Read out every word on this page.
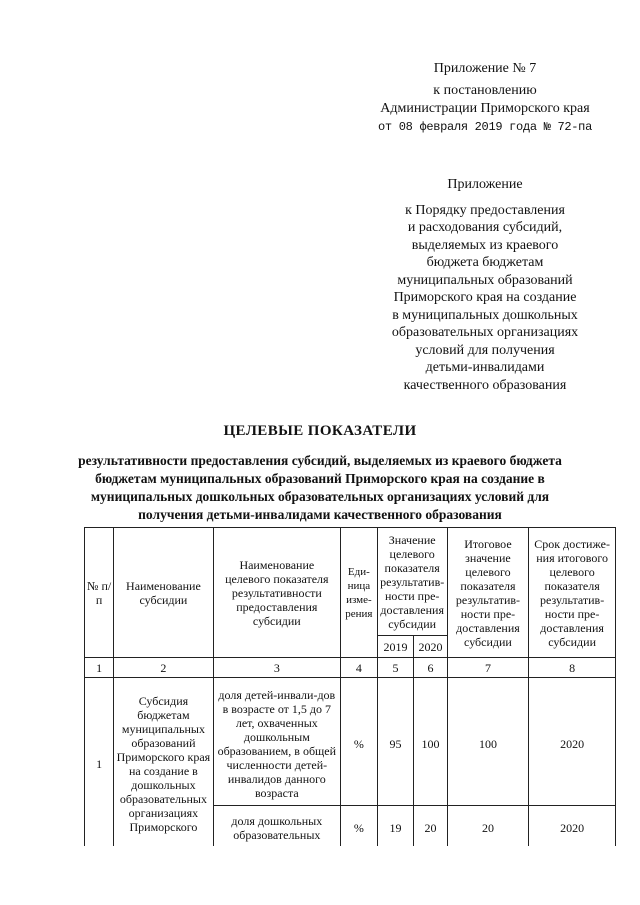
Приложение № 7
к постановлению
Администрации Приморского края
от 08 февраля 2019 года № 72-па
Приложение
к Порядку предоставления
и расходования субсидий,
выделяемых из краевого
бюджета бюджетам
муниципальных образований
Приморского края на создание
в муниципальных дошкольных
образовательных организациях
условий для получения
детьми-инвалидами
качественного образования
ЦЕЛЕВЫЕ ПОКАЗАТЕЛИ
результативности предоставления субсидий, выделяемых из краевого бюджета бюджетам муниципальных образований Приморского края на создание в муниципальных дошкольных образовательных организациях условий для получения детьми-инвалидами качественного образования
№ п/п	Наименование субсидии	Наименование целевого показателя результативности предоставления субсидии	Еди-ница изме-рения	Значение целевого показателя результатив-ности пре-доставления субсидии		Итоговое значение целевого показателя результатив-ности пре-доставления субсидии	Срок достиже-ния итогового целевого показателя результатив-ности пре-доставления субсидии
				2019	2020		
1	2	3	4	5	6	7	8
1	Субсидия бюджетам муниципальных образований Приморского края на создание в дошкольных образовательных организациях Приморского	доля детей-инвали-дов в возрасте от 1,5 до 7 лет, охваченных дошкольным образованием, в общей численности детей-инвалидов данного возраста	%	95	100	100	2020
		доля дошкольных образовательных	%	19	20	20	2020
